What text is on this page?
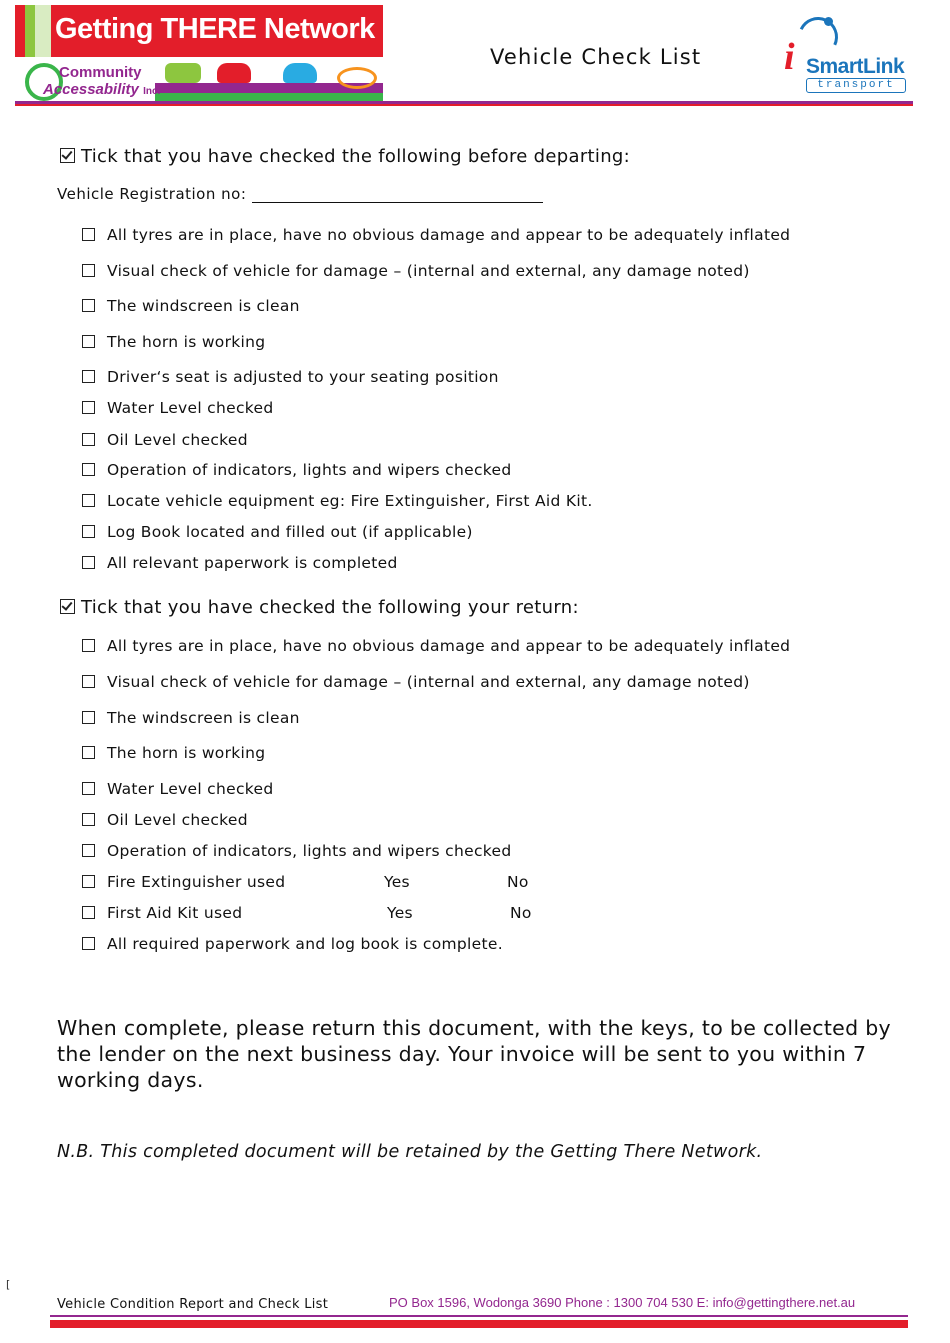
Getting THERE Network
Community
Accessability Inc.
Vehicle Check List i SmartLink
transport
Tick that you have checked the following before departing:
Vehicle Registration no:
All tyres are in place, have no obvious damage and appear to be adequately inflated
Visual check of vehicle for damage – (internal and external, any damage noted)
The windscreen is clean
The horn is working
Driver‘s seat is adjusted to your seating position
Water Level checked
Oil Level checked
Operation of indicators, lights and wipers checked
Locate vehicle equipment eg: Fire Extinguisher, First Aid Kit.
Log Book located and filled out (if applicable)
All relevant paperwork is completed
Tick that you have checked the following your return:
All tyres are in place, have no obvious damage and appear to be adequately inflated
Visual check of vehicle for damage – (internal and external, any damage noted)
The windscreen is clean
The horn is working
Water Level checked
Oil Level checked
Operation of indicators, lights and wipers checked
Fire Extinguisher used	Yes	No
First Aid Kit used	Yes	No
All required paperwork and log book is complete.
When complete, please return this document, with the keys, to be collected by the lender on the next business day. Your invoice will be sent to you within 7 working days.
N.B. This completed document will be retained by the Getting There Network.
[
Vehicle Condition Report and Check List	PO Box 1596, Wodonga 3690 Phone : 1300 704 530 E: info@gettingthere.net.au
